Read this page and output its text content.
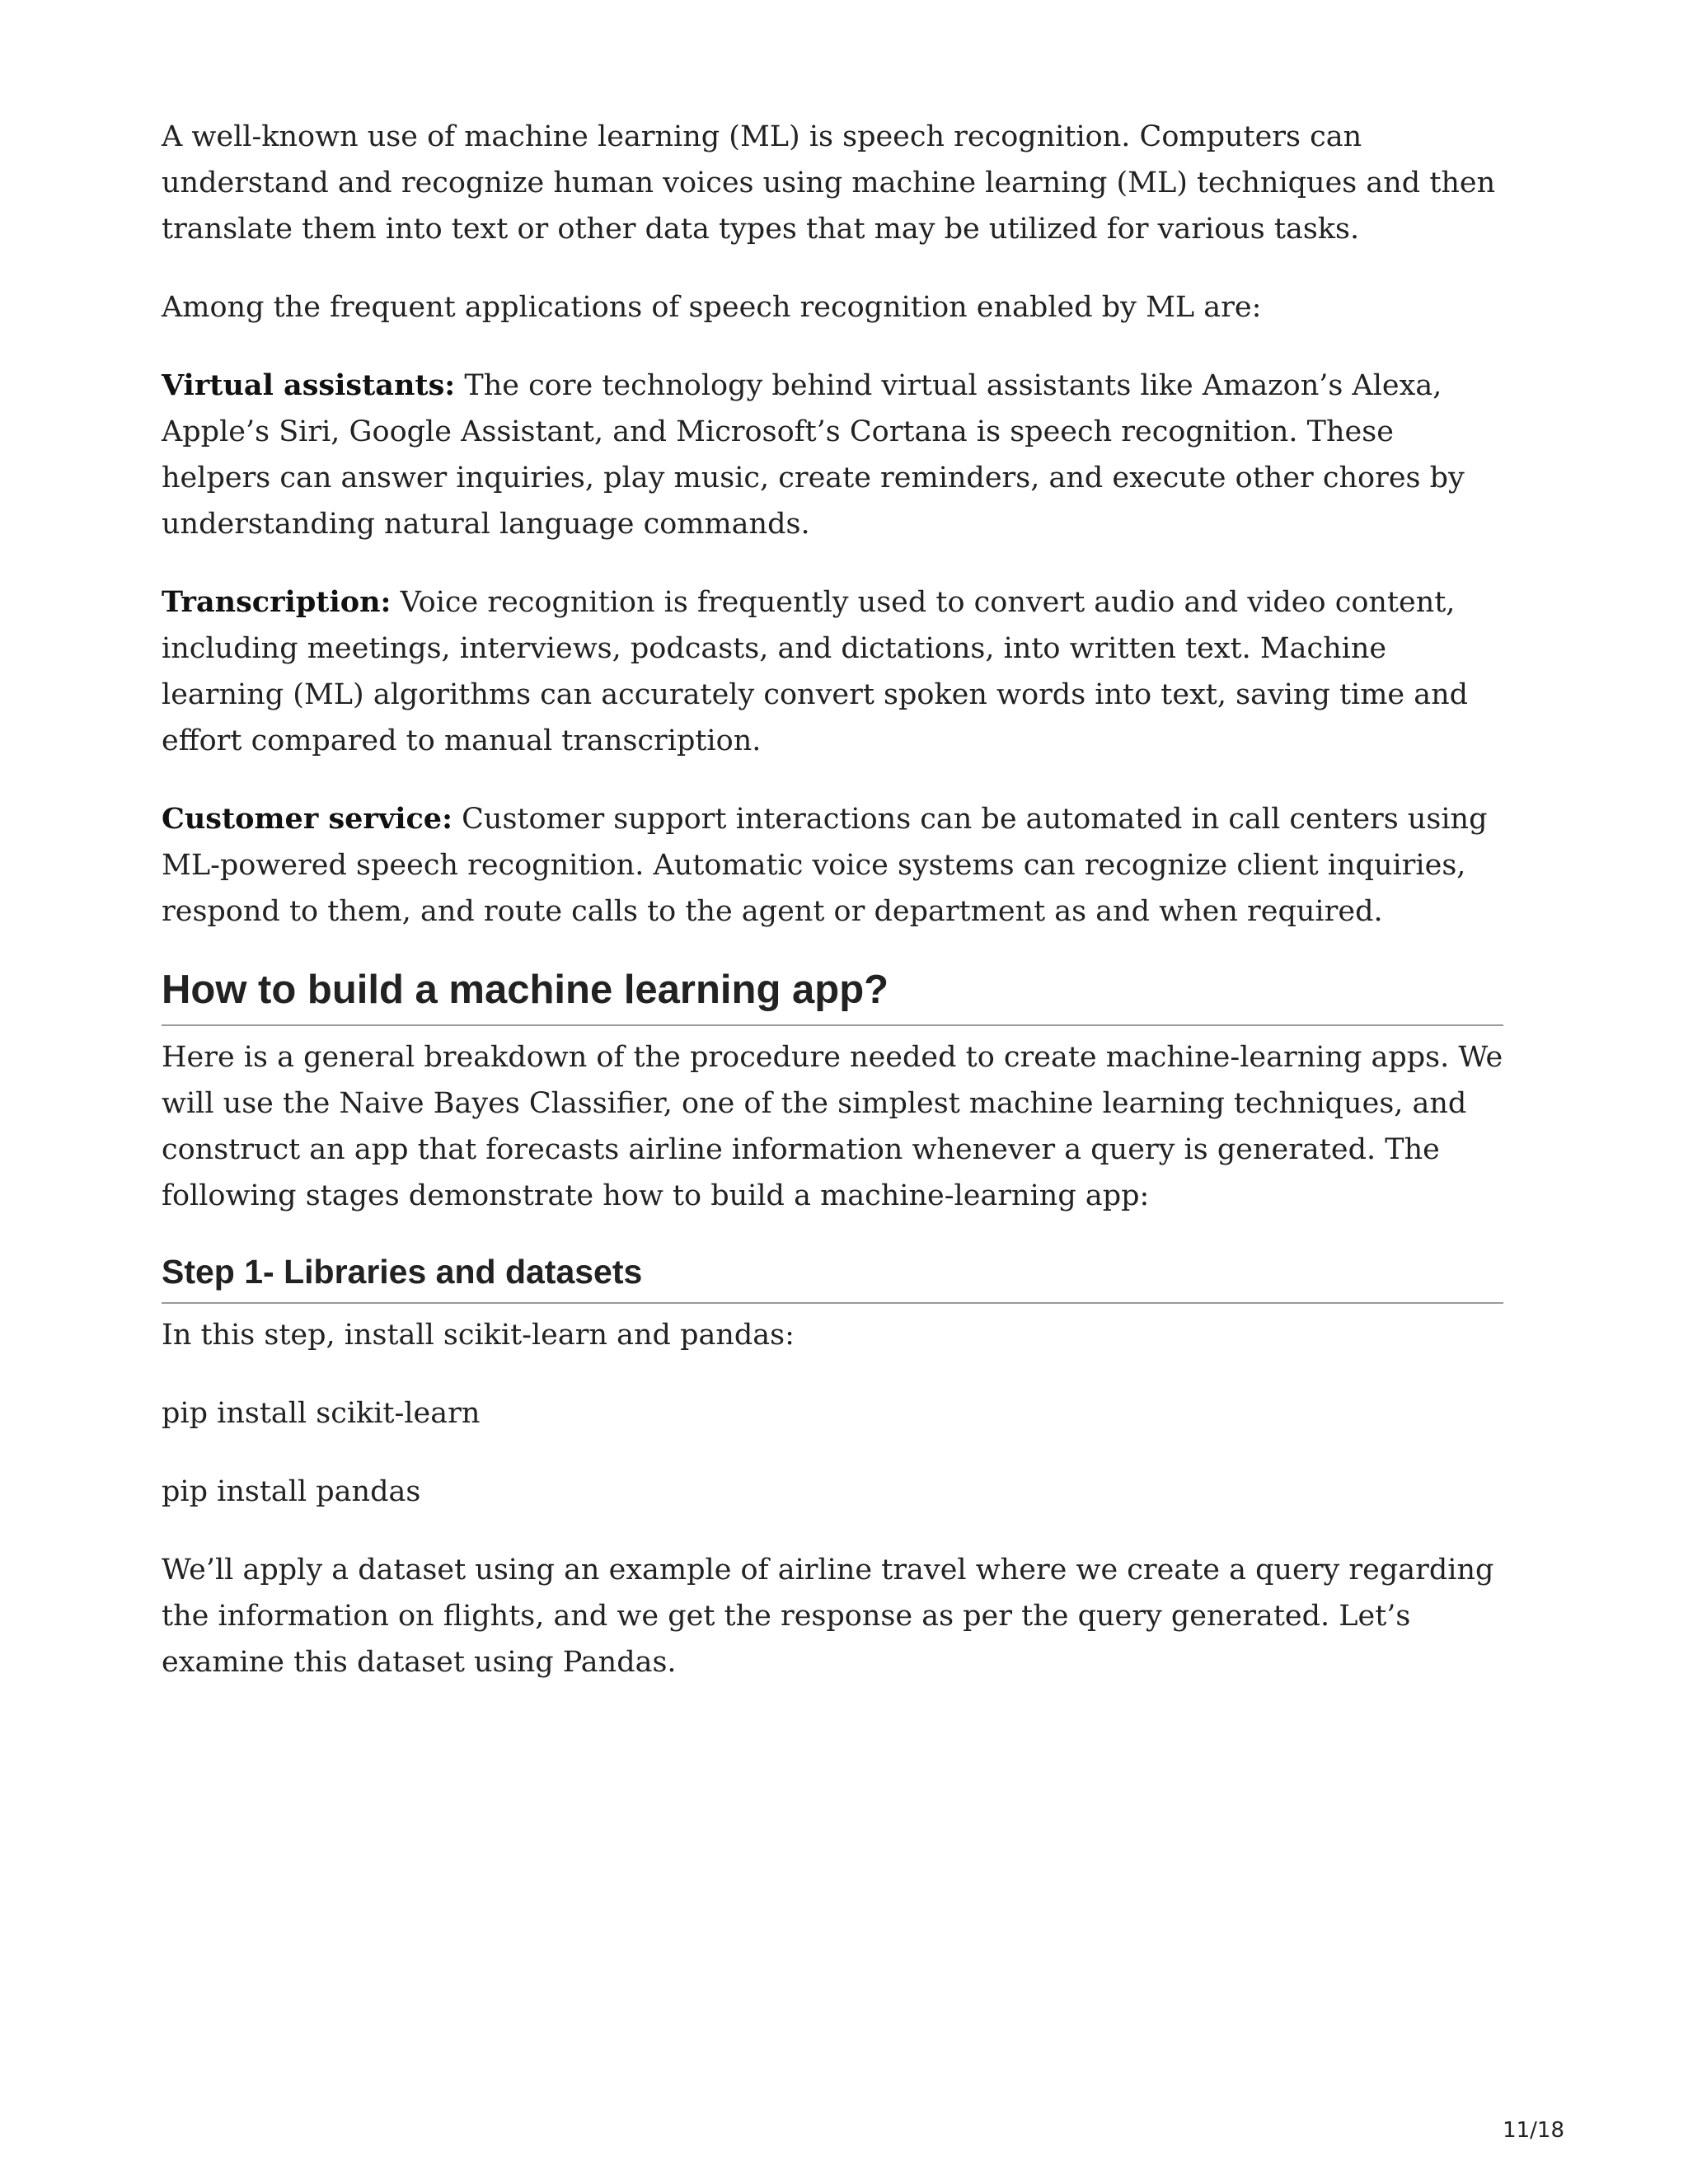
A well-known use of machine learning (ML) is speech recognition. Computers can understand and recognize human voices using machine learning (ML) techniques and then translate them into text or other data types that may be utilized for various tasks.

Among the frequent applications of speech recognition enabled by ML are:

Virtual assistants: The core technology behind virtual assistants like Amazon’s Alexa, Apple’s Siri, Google Assistant, and Microsoft’s Cortana is speech recognition. These helpers can answer inquiries, play music, create reminders, and execute other chores by understanding natural language commands.

Transcription: Voice recognition is frequently used to convert audio and video content, including meetings, interviews, podcasts, and dictations, into written text. Machine learning (ML) algorithms can accurately convert spoken words into text, saving time and effort compared to manual transcription.

Customer service: Customer support interactions can be automated in call centers using ML-powered speech recognition. Automatic voice systems can recognize client inquiries, respond to them, and route calls to the agent or department as and when required.

How to build a machine learning app?

Here is a general breakdown of the procedure needed to create machine-learning apps. We will use the Naive Bayes Classifier, one of the simplest machine learning techniques, and construct an app that forecasts airline information whenever a query is generated. The following stages demonstrate how to build a machine-learning app:

Step 1- Libraries and datasets

In this step, install scikit-learn and pandas:

pip install scikit-learn

pip install pandas

We’ll apply a dataset using an example of airline travel where we create a query regarding the information on flights, and we get the response as per the query generated. Let’s examine this dataset using Pandas.

11/18
